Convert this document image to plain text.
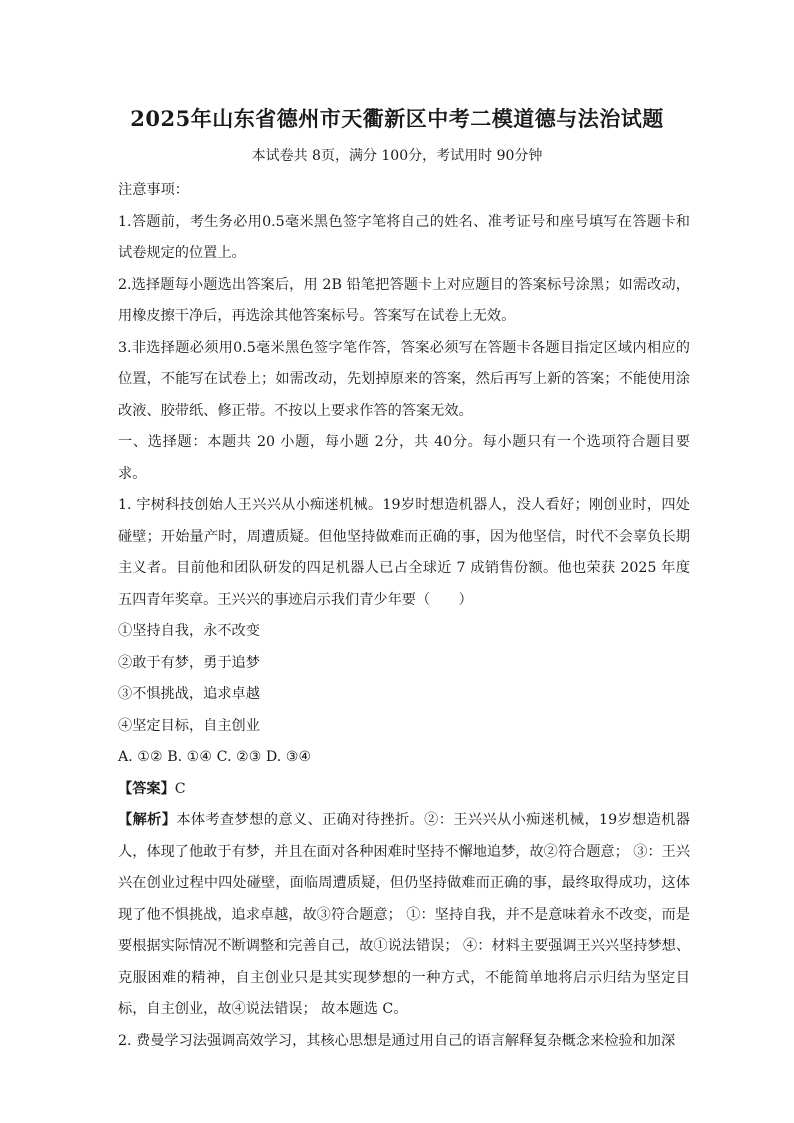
2025年山东省德州市天衢新区中考二模道德与法治试题
本试卷共 8页，满分 100分，考试用时 90分钟

注意事项：

1.答题前，考生务必用0.5毫米黑色签字笔将自己的姓名、准考证号和座号填写在答题卡和试卷规定的位置上。

2.选择题每小题选出答案后，用 2B 铅笔把答题卡上对应题目的答案标号涂黑；如需改动，用橡皮擦干净后，再选涂其他答案标号。答案写在试卷上无效。

3.非选择题必须用0.5毫米黑色签字笔作答，答案必须写在答题卡各题目指定区域内相应的位置，不能写在试卷上；如需改动，先划掉原来的答案，然后再写上新的答案；不能使用涂改液、胶带纸、修正带。不按以上要求作答的答案无效。

一、选择题：本题共 20 小题，每小题 2分，共 40分。每小题只有一个选项符合题目要求。

1. 宇树科技创始人王兴兴从小痴迷机械。19岁时想造机器人，没人看好；刚创业时，四处碰壁；开始量产时，周遭质疑。但他坚持做难而正确的事，因为他坚信，时代不会辜负长期主义者。目前他和团队研发的四足机器人已占全球近 7 成销售份额。他也荣获 2025 年度五四青年奖章。王兴兴的事迹启示我们青少年要（　　）

①坚持自我，永不改变

②敢于有梦，勇于追梦

③不惧挑战，追求卓越

④坚定目标，自主创业

A. ①② B. ①④ C. ②③ D. ③④

【答案】C

【解析】本体考查梦想的意义、正确对待挫折。②：王兴兴从小痴迷机械，19岁想造机器人，体现了他敢于有梦，并且在面对各种困难时坚持不懈地追梦，故②符合题意； ③：王兴兴在创业过程中四处碰壁，面临周遭质疑，但仍坚持做难而正确的事，最终取得成功，这体现了他不惧挑战，追求卓越，故③符合题意； ①：坚持自我，并不是意味着永不改变，而是要根据实际情况不断调整和完善自己，故①说法错误； ④：材料主要强调王兴兴坚持梦想、克服困难的精神，自主创业只是其实现梦想的一种方式，不能简单地将启示归结为坚定目标，自主创业，故④说法错误； 故本题选 C。

2. 费曼学习法强调高效学习，其核心思想是通过用自己的语言解释复杂概念来检验和加深
